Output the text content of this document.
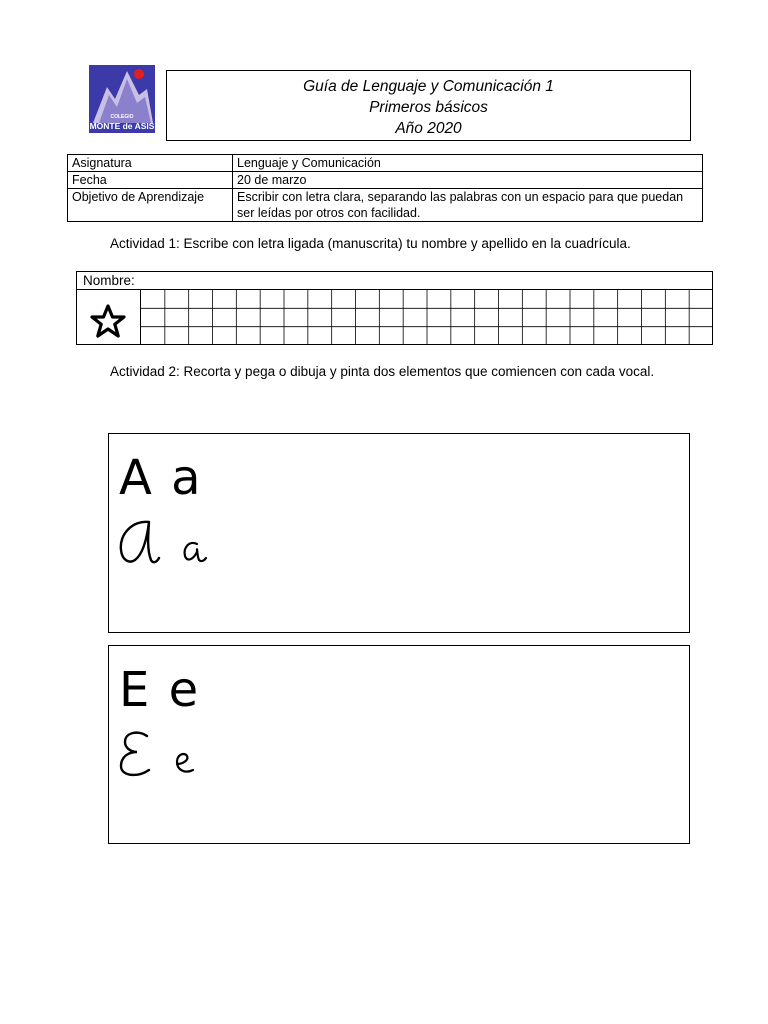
COLEGIO
MONTE de ASIS
Guía de Lenguaje y Comunicación 1
Primeros básicos
Año 2020
Asignatura	Lenguaje y Comunicación
Fecha	20 de marzo
Objetivo de Aprendizaje	Escribir con letra clara, separando las palabras con un espacio para que puedan ser leídas por otros con facilidad.
Actividad 1: Escribe con letra ligada (manuscrita) tu nombre y apellido en la cuadrícula.
Nombre:
Actividad 2: Recorta y pega o dibuja y pinta dos elementos que comiencen con cada vocal.
A a
A a
E e
E e
